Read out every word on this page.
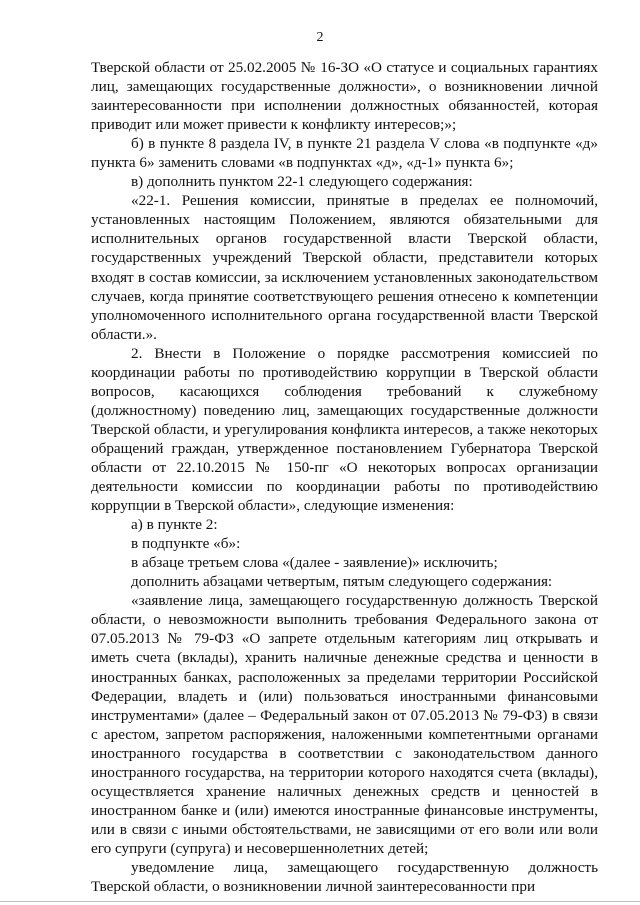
2

Тверской области от 25.02.2005 № 16-ЗО «О статусе и социальных гарантиях лиц, замещающих государственные должности», о возникновении личной заинтересованности при исполнении должностных обязанностей, которая приводит или может привести к конфликту интересов;»;

б) в пункте 8 раздела IV, в пункте 21 раздела V слова «в подпункте «д» пункта 6» заменить словами «в подпунктах «д», «д-1» пункта 6»;

в) дополнить пунктом 22-1 следующего содержания:

«22-1. Решения комиссии, принятые в пределах ее полномочий, установленных настоящим Положением, являются обязательными для исполнительных органов государственной власти Тверской области, государственных учреждений Тверской области, представители которых входят в состав комиссии, за исключением установленных законодательством случаев, когда принятие соответствующего решения отнесено к компетенции уполномоченного исполнительного органа государственной власти Тверской области.».

2. Внести в Положение о порядке рассмотрения комиссией по координации работы по противодействию коррупции в Тверской области вопросов, касающихся соблюдения требований к служебному (должностному) поведению лиц, замещающих государственные должности Тверской области, и урегулирования конфликта интересов, а также некоторых обращений граждан, утвержденное постановлением Губернатора Тверской области от 22.10.2015 № 150-пг «О некоторых вопросах организации деятельности комиссии по координации работы по противодействию коррупции в Тверской области», следующие изменения:

а) в пункте 2:

в подпункте «б»:

в абзаце третьем слова «(далее - заявление)» исключить;

дополнить абзацами четвертым, пятым следующего содержания:

«заявление лица, замещающего государственную должность Тверской области, о невозможности выполнить требования Федерального закона от 07.05.2013 № 79-ФЗ «О запрете отдельным категориям лиц открывать и иметь счета (вклады), хранить наличные денежные средства и ценности в иностранных банках, расположенных за пределами территории Российской Федерации, владеть и (или) пользоваться иностранными финансовыми инструментами» (далее – Федеральный закон от 07.05.2013 № 79-ФЗ) в связи с арестом, запретом распоряжения, наложенными компетентными органами иностранного государства в соответствии с законодательством данного иностранного государства, на территории которого находятся счета (вклады), осуществляется хранение наличных денежных средств и ценностей в иностранном банке и (или) имеются иностранные финансовые инструменты, или в связи с иными обстоятельствами, не зависящими от его воли или воли его супруги (супруга) и несовершеннолетних детей;

уведомление лица, замещающего государственную должность Тверской области, о возникновении личной заинтересованности при
